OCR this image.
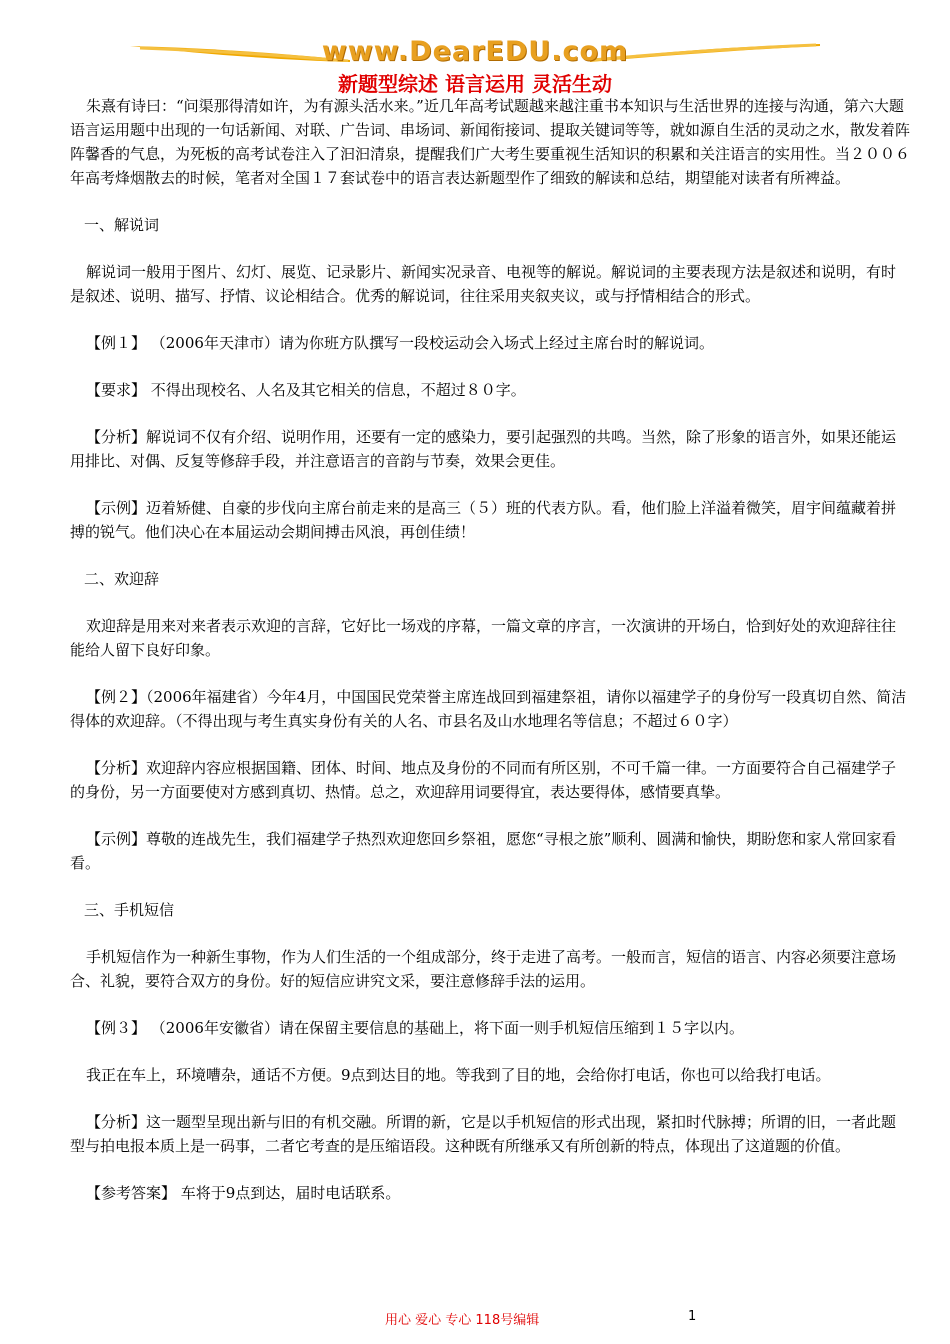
www.DearEDU.com
新题型综述 语言运用 灵活生动

朱熹有诗曰：“问渠那得清如许，为有源头活水来。”近几年高考试题越来越注重书本知识与生活世界的连接与沟通，第六大题语言运用题中出现的一句话新闻、对联、广告词、串场词、新闻衔接词、提取关键词等等，就如源自生活的灵动之水，散发着阵阵馨香的气息，为死板的高考试卷注入了汩汩清泉，提醒我们广大考生要重视生活知识的积累和关注语言的实用性。当２００６年高考烽烟散去的时候，笔者对全国１７套试卷中的语言表达新题型作了细致的解读和总结，期望能对读者有所裨益。

一、解说词

解说词一般用于图片、幻灯、展览、记录影片、新闻实况录音、电视等的解说。解说词的主要表现方法是叙述和说明，有时是叙述、说明、描写、抒情、议论相结合。优秀的解说词，往往采用夹叙夹议，或与抒情相结合的形式。

【例１】 （2006年天津市）请为你班方队撰写一段校运动会入场式上经过主席台时的解说词。

【要求】 不得出现校名、人名及其它相关的信息，不超过８０字。

【分析】解说词不仅有介绍、说明作用，还要有一定的感染力，要引起强烈的共鸣。当然，除了形象的语言外，如果还能运用排比、对偶、反复等修辞手段，并注意语言的音韵与节奏，效果会更佳。

【示例】迈着矫健、自豪的步伐向主席台前走来的是高三（５）班的代表方队。看，他们脸上洋溢着微笑，眉宇间蕴藏着拼搏的锐气。他们决心在本届运动会期间搏击风浪，再创佳绩！

二、欢迎辞

欢迎辞是用来对来者表示欢迎的言辞，它好比一场戏的序幕，一篇文章的序言，一次演讲的开场白，恰到好处的欢迎辞往往能给人留下良好印象。

【例２】（2006年福建省）今年4月，中国国民党荣誉主席连战回到福建祭祖，请你以福建学子的身份写一段真切自然、简洁得体的欢迎辞。（不得出现与考生真实身份有关的人名、市县名及山水地理名等信息；不超过６０字）

【分析】欢迎辞内容应根据国籍、团体、时间、地点及身份的不同而有所区别，不可千篇一律。一方面要符合自己福建学子的身份，另一方面要使对方感到真切、热情。总之，欢迎辞用词要得宜，表达要得体，感情要真挚。

【示例】尊敬的连战先生，我们福建学子热烈欢迎您回乡祭祖，愿您“寻根之旅”顺利、圆满和愉快，期盼您和家人常回家看看。

三、手机短信

手机短信作为一种新生事物，作为人们生活的一个组成部分，终于走进了高考。一般而言，短信的语言、内容必须要注意场合、礼貌，要符合双方的身份。好的短信应讲究文采，要注意修辞手法的运用。

【例３】 （2006年安徽省）请在保留主要信息的基础上，将下面一则手机短信压缩到１５字以内。

我正在车上，环境嘈杂，通话不方便。9点到达目的地。等我到了目的地，会给你打电话，你也可以给我打电话。

【分析】这一题型呈现出新与旧的有机交融。所谓的新，它是以手机短信的形式出现，紧扣时代脉搏；所谓的旧，一者此题型与拍电报本质上是一码事，二者它考查的是压缩语段。这种既有所继承又有所创新的特点，体现出了这道题的价值。

【参考答案】 车将于9点到达，届时电话联系。

用心 爱心 专心 118号编辑	1
